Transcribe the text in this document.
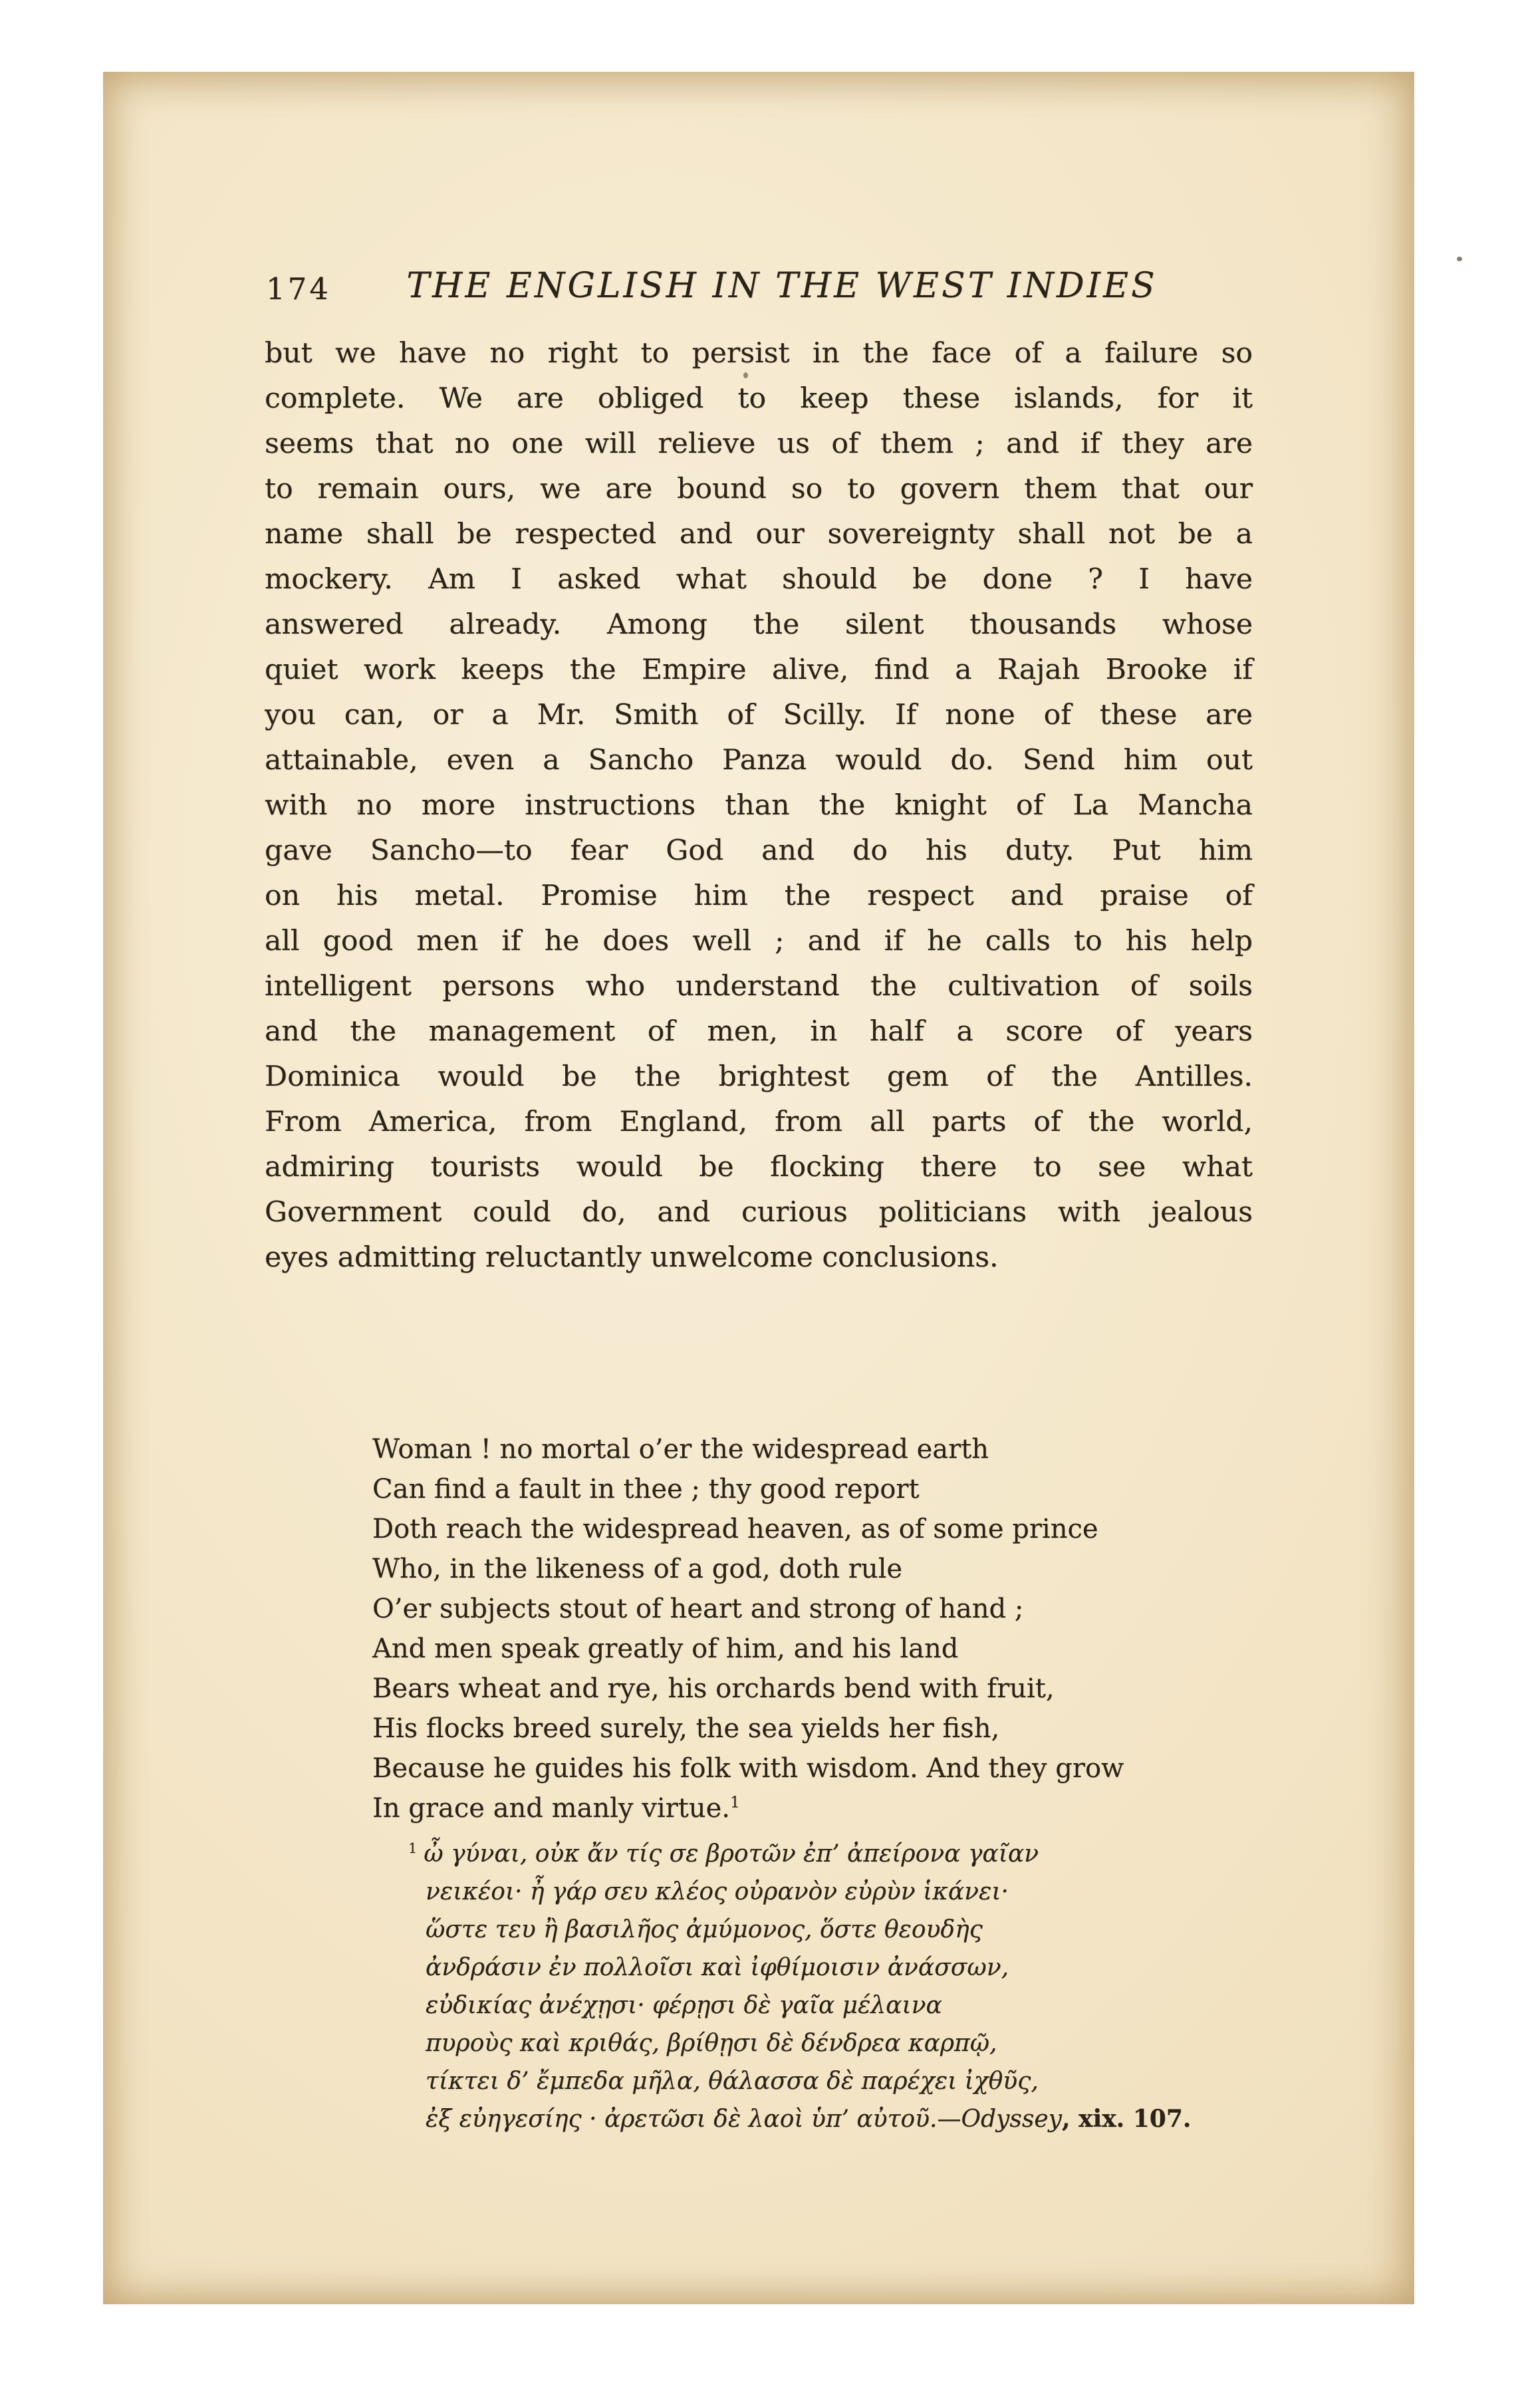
174	THE ENGLISH IN THE WEST INDIES
but we have no right to persist in the face of a failure so
complete. We are obliged to keep these islands, for it
seems that no one will relieve us of them ; and if they are
to remain ours, we are bound so to govern them that our
name shall be respected and our sovereignty shall not be a
mockery. Am I asked what should be done ? I have
answered already. Among the silent thousands whose
quiet work keeps the Empire alive, find a Rajah Brooke if
you can, or a Mr. Smith of Scilly. If none of these are
attainable, even a Sancho Panza would do. Send him out
with no more instructions than the knight of La Mancha
gave Sancho—to fear God and do his duty. Put him
on his metal. Promise him the respect and praise of
all good men if he does well ; and if he calls to his help
intelligent persons who understand the cultivation of soils
and the management of men, in half a score of years
Dominica would be the brightest gem of the Antilles.
From America, from England, from all parts of the world,
admiring tourists would be flocking there to see what
Government could do, and curious politicians with jealous
eyes admitting reluctantly unwelcome conclusions.
Woman ! no mortal o’er the widespread earth
Can find a fault in thee ; thy good report
Doth reach the widespread heaven, as of some prince
Who, in the likeness of a god, doth rule
O’er subjects stout of heart and strong of hand ;
And men speak greatly of him, and his land
Bears wheat and rye, his orchards bend with fruit,
His flocks breed surely, the sea yields her fish,
Because he guides his folk with wisdom. And they grow
In grace and manly virtue.$^1$
$^1$ ὦ γύναι, οὐκ ἄν τίς σε βροτῶν ἐπ’ ἀπείρονα γαῖαν
νεικέοι· ἦ γάρ σευ κλέος οὐρανὸν εὐρὺν ἱκάνει·
ὥστε τευ ἢ βασιλῆος ἀμύμονος, ὅστε θεουδὴς
ἀνδράσιν ἐν πολλοῖσι καὶ ἰφθίμοισιν ἀνάσσων,
εὐδικίας ἀνέχῃσι· φέρῃσι δὲ γαῖα μέλαινα
πυροὺς καὶ κριθάς, βρίθῃσι δὲ δένδρεα καρπῷ,
τίκτει δ’ ἔμπεδα μῆλα, θάλασσα δὲ παρέχει ἰχθῦς,
ἐξ εὐηγεσίης · ἀρετῶσι δὲ λαοὶ ὑπ’ αὐτοῦ.—Odyssey, xix. 107.
